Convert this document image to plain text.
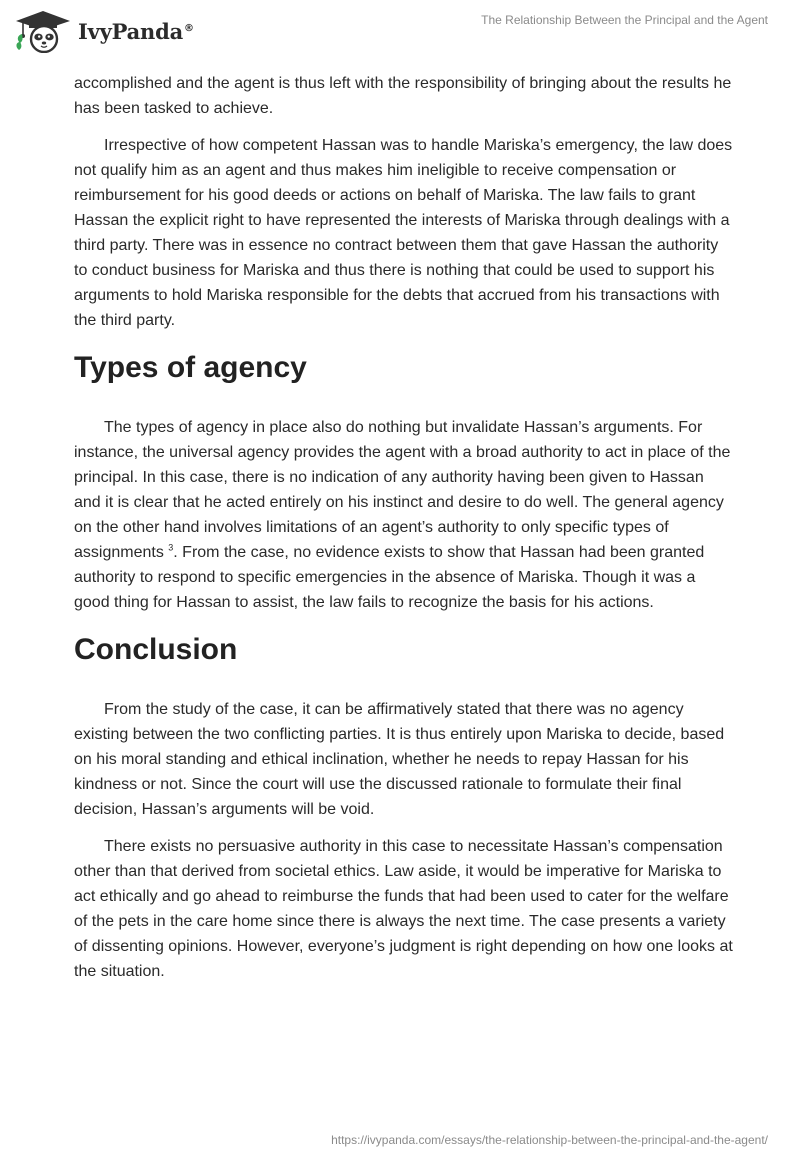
IvyPanda®
The Relationship Between the Principal and the Agent

accomplished and the agent is thus left with the responsibility of bringing about the results he has been tasked to achieve.

Irrespective of how competent Hassan was to handle Mariska’s emergency, the law does not qualify him as an agent and thus makes him ineligible to receive compensation or reimbursement for his good deeds or actions on behalf of Mariska. The law fails to grant Hassan the explicit right to have represented the interests of Mariska through dealings with a third party. There was in essence no contract between them that gave Hassan the authority to conduct business for Mariska and thus there is nothing that could be used to support his arguments to hold Mariska responsible for the debts that accrued from his transactions with the third party.

Types of agency

The types of agency in place also do nothing but invalidate Hassan’s arguments. For instance, the universal agency provides the agent with a broad authority to act in place of the principal. In this case, there is no indication of any authority having been given to Hassan and it is clear that he acted entirely on his instinct and desire to do well. The general agency on the other hand involves limitations of an agent’s authority to only specific types of assignments $^3$. From the case, no evidence exists to show that Hassan had been granted authority to respond to specific emergencies in the absence of Mariska. Though it was a good thing for Hassan to assist, the law fails to recognize the basis for his actions.

Conclusion

From the study of the case, it can be affirmatively stated that there was no agency existing between the two conflicting parties. It is thus entirely upon Mariska to decide, based on his moral standing and ethical inclination, whether he needs to repay Hassan for his kindness or not. Since the court will use the discussed rationale to formulate their final decision, Hassan’s arguments will be void.

There exists no persuasive authority in this case to necessitate Hassan’s compensation other than that derived from societal ethics. Law aside, it would be imperative for Mariska to act ethically and go ahead to reimburse the funds that had been used to cater for the welfare of the pets in the care home since there is always the next time. The case presents a variety of dissenting opinions. However, everyone’s judgment is right depending on how one looks at the situation.

https://ivypanda.com/essays/the-relationship-between-the-principal-and-the-agent/
